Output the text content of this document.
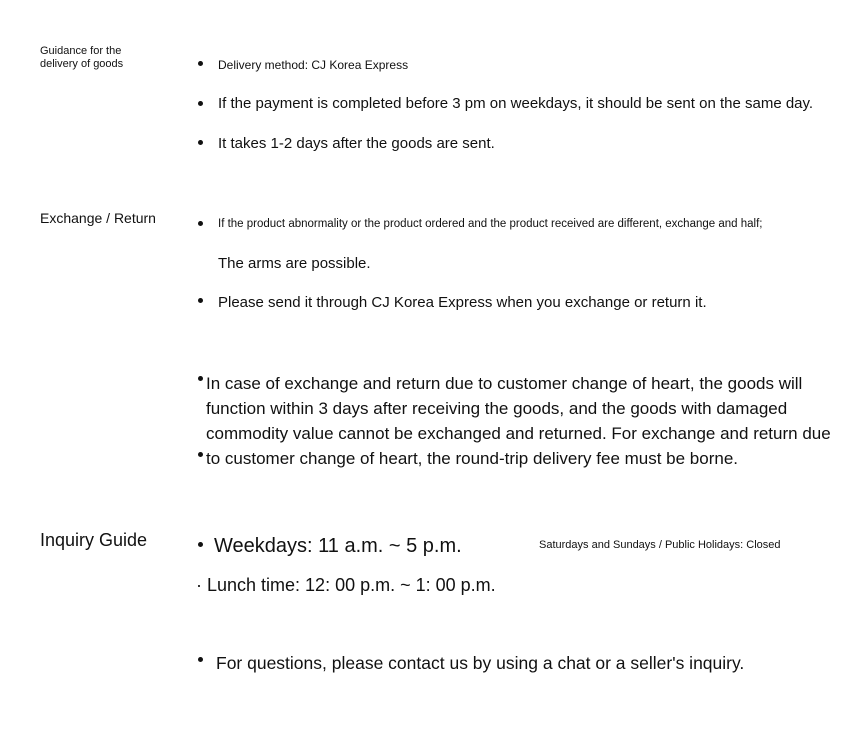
Guidance for the
delivery of goods	Delivery method: CJ Korea Express
If the payment is completed before 3 pm on weekdays, it should be sent on the same day.
It takes 1-2 days after the goods are sent.
Exchange / Return	If the product abnormality or the product ordered and the product received are different, exchange and half;
The arms are possible.
Please send it through CJ Korea Express when you exchange or return it.
In case of exchange and return due to customer change of heart, the goods will function within 3 days after receiving the goods, and the goods with damaged commodity value cannot be exchanged and returned. For exchange and return due to customer change of heart, the round-trip delivery fee must be borne.
Inquiry Guide	Weekdays: 11 a.m. ~ 5 p.m.	Saturdays and Sundays / Public Holidays: Closed
· Lunch time: 12: 00 p.m. ~ 1: 00 p.m.
For questions, please contact us by using a chat or a seller's inquiry.
